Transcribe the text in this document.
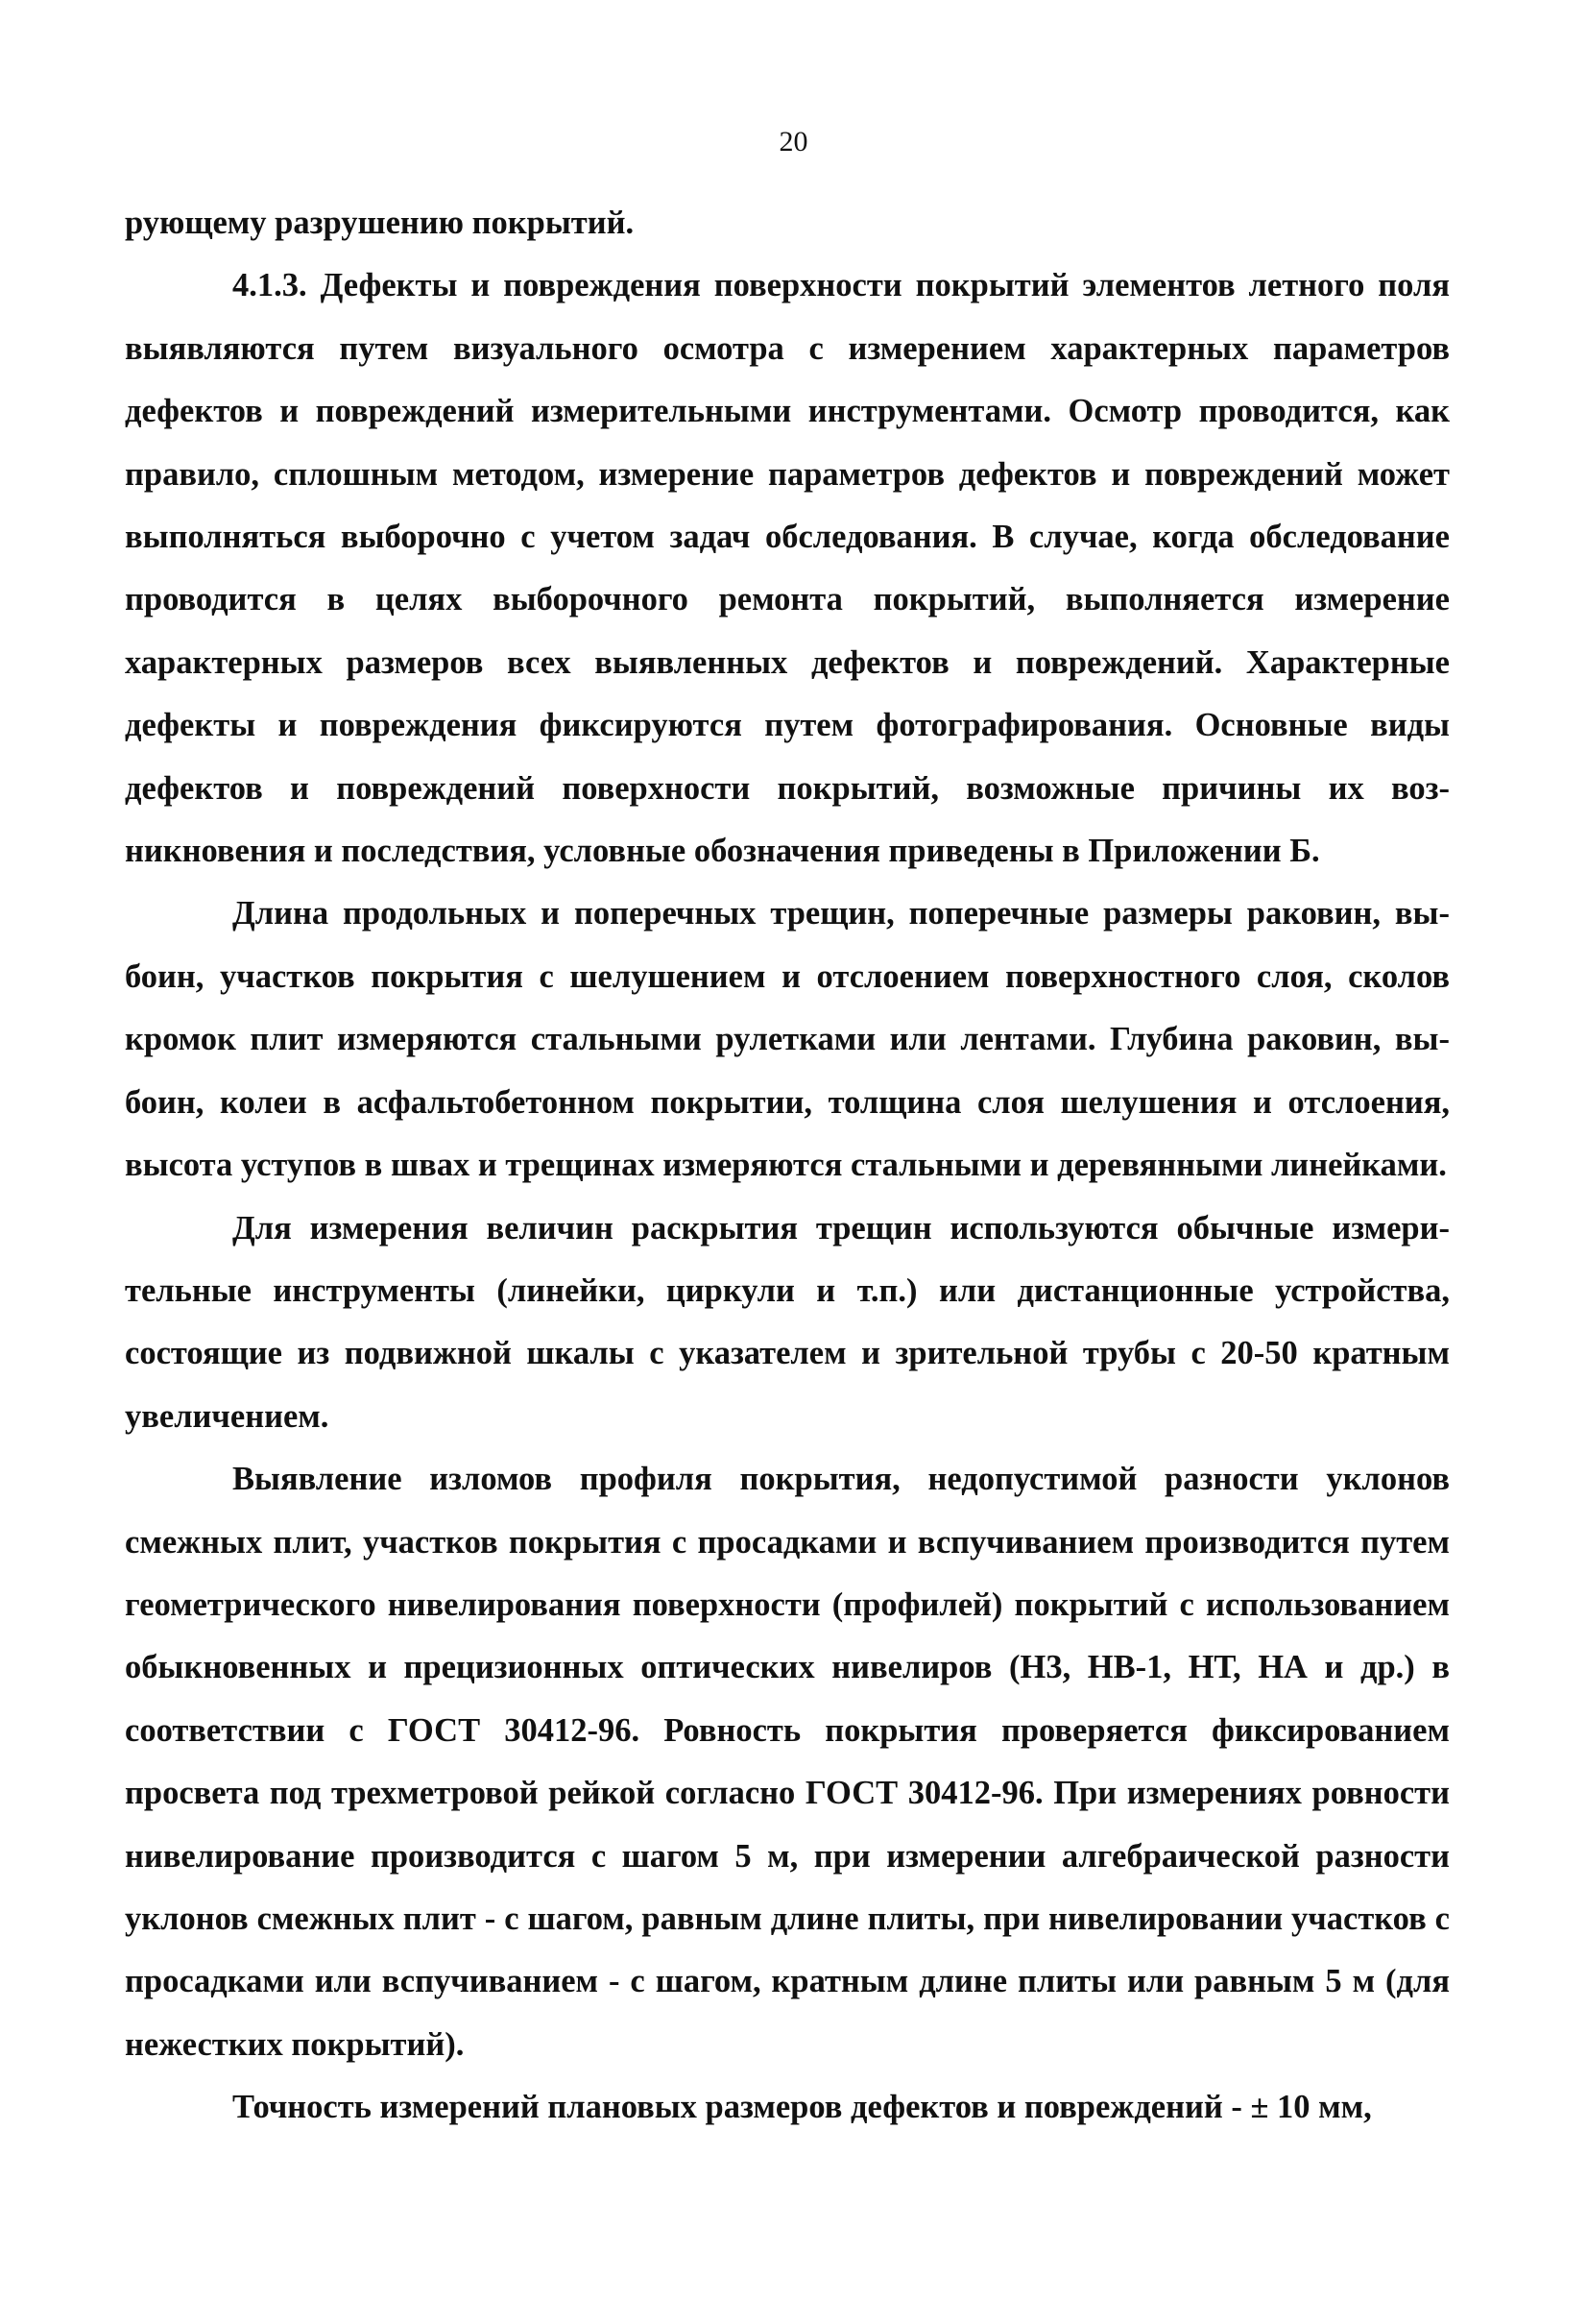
20

рующему разрушению покрытий.

4.1.3. Дефекты и повреждения поверхности покрытий элементов летного поля выявляются путем визуального осмотра с измерением характерных параметров дефектов и повреждений измерительными инструментами. Осмотр проводится, как правило, сплошным методом, измерение параметров дефектов и повреждений может выполняться выборочно с учетом задач обследования. В случае, когда обследование проводится в целях выборочного ремонта покрытий, выполняется измерение характерных размеров всех выявленных дефектов и повреждений. Характерные дефекты и повреждения фиксируются путем фотографирования. Основные виды дефектов и повреждений поверхности покрытий, возможные причины их возникновения и последствия, условные обозначения приведены в Приложении Б.

Длина продольных и поперечных трещин, поперечные размеры раковин, выбоин, участков покрытия с шелушением и отслоением поверхностного слоя, сколов кромок плит измеряются стальными рулетками или лентами. Глубина раковин, выбоин, колеи в асфальтобетонном покрытии, толщина слоя шелушения и отслоения, высота уступов в швах и трещинах измеряются стальными и деревянными линейками.

Для измерения величин раскрытия трещин используются обычные измерительные инструменты (линейки, циркули и т.п.) или дистанционные устройства, состоящие из подвижной шкалы с указателем и зрительной трубы с 20-50 кратным увеличением.

Выявление изломов профиля покрытия, недопустимой разности уклонов смежных плит, участков покрытия с просадками и вспучиванием производится путем геометрического нивелирования поверхности (профилей) покрытий с использованием обыкновенных и прецизионных оптических нивелиров (Н3, НВ-1, НТ, НА и др.) в соответствии с ГОСТ 30412-96. Ровность покрытия проверяется фиксированием просвета под трехметровой рейкой согласно ГОСТ 30412-96. При измерениях ровности нивелирование производится с шагом 5 м, при измерении алгебраической разности уклонов смежных плит - с шагом, равным длине плиты, при нивелировании участков с просадками или вспучиванием - с шагом, кратным длине плиты или равным 5 м (для нежестких покрытий).

Точность измерений плановых размеров дефектов и повреждений - ± 10 мм,
